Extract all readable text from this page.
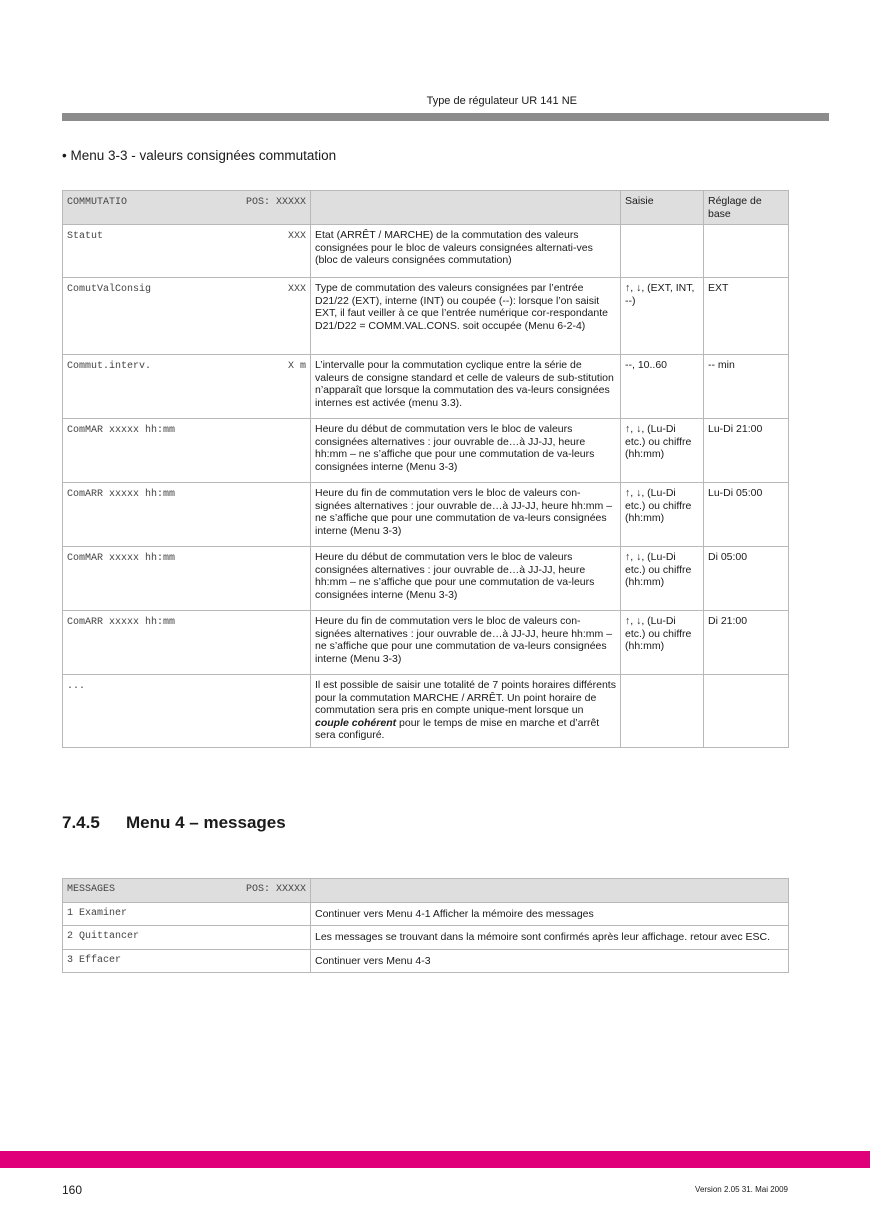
Type de régulateur UR 141 NE
• Menu 3-3 - valeurs consignées commutation
COMMUTATIO POS: XXXXX		Saisie	Réglage de base

Statut XXX	Etat (ARRÊT / MARCHE) de la commutation des valeurs consignées pour le bloc de valeurs consignées alternati-ves (bloc de valeurs consignées commutation)		

ComutValConsig XXX	Type de commutation des valeurs consignées par l’entrée D21/22 (EXT), interne (INT) ou coupée (--): lorsque l’on saisit EXT, il faut veiller à ce que l’entrée numérique cor-respondante D21/D22 = COMM.VAL.CONS. soit occupée (Menu 6-2-4)	↑, ↓, (EXT, INT, --)	EXT

Commut.interv. X m	L’intervalle pour la commutation cyclique entre la série de valeurs de consigne standard et celle de valeurs de sub-stitution n’apparaît que lorsque la commutation des va-leurs consignées internes est activée (menu 3.3).	--, 10..60	-- min

ComMAR xxxxx hh:mm	Heure du début de commutation vers le bloc de valeurs consignées alternatives : jour ouvrable de…à JJ-JJ, heure hh:mm – ne s’affiche que pour une commutation de va-leurs consignées interne (Menu 3-3)	↑, ↓, (Lu-Di etc.) ou chiffre (hh:mm)	Lu-Di 21:00

ComARR xxxxx hh:mm	Heure du fin de commutation vers le bloc de valeurs con-signées alternatives : jour ouvrable de…à JJ-JJ, heure hh:mm – ne s’affiche que pour une commutation de va-leurs consignées interne (Menu 3-3)	↑, ↓, (Lu-Di etc.) ou chiffre (hh:mm)	Lu-Di 05:00

ComMAR xxxxx hh:mm	Heure du début de commutation vers le bloc de valeurs consignées alternatives : jour ouvrable de…à JJ-JJ, heure hh:mm – ne s’affiche que pour une commutation de va-leurs consignées interne (Menu 3-3)	↑, ↓, (Lu-Di etc.) ou chiffre (hh:mm)	Di 05:00

ComARR xxxxx hh:mm	Heure du fin de commutation vers le bloc de valeurs con-signées alternatives : jour ouvrable de…à JJ-JJ, heure hh:mm – ne s’affiche que pour une commutation de va-leurs consignées interne (Menu 3-3)	↑, ↓, (Lu-Di etc.) ou chiffre (hh:mm)	Di 21:00
...	Il est possible de saisir une totalité de 7 points horaires différents pour la commutation MARCHE / ARRÊT. Un point horaire de commutation sera pris en compte unique-ment lorsque un couple cohérent pour le temps de mise en marche et d’arrêt sera configuré.		
7.4.5 Menu 4 – messages
MESSAGES POS: XXXXX	

1 Examiner	Continuer vers Menu 4-1 Afficher la mémoire des messages
2 Quittancer	Les messages se trouvant dans la mémoire sont confirmés après leur affichage. retour avec ESC.
3 Effacer	Continuer vers Menu 4-3
160	Version 2.05 31. Mai 2009
